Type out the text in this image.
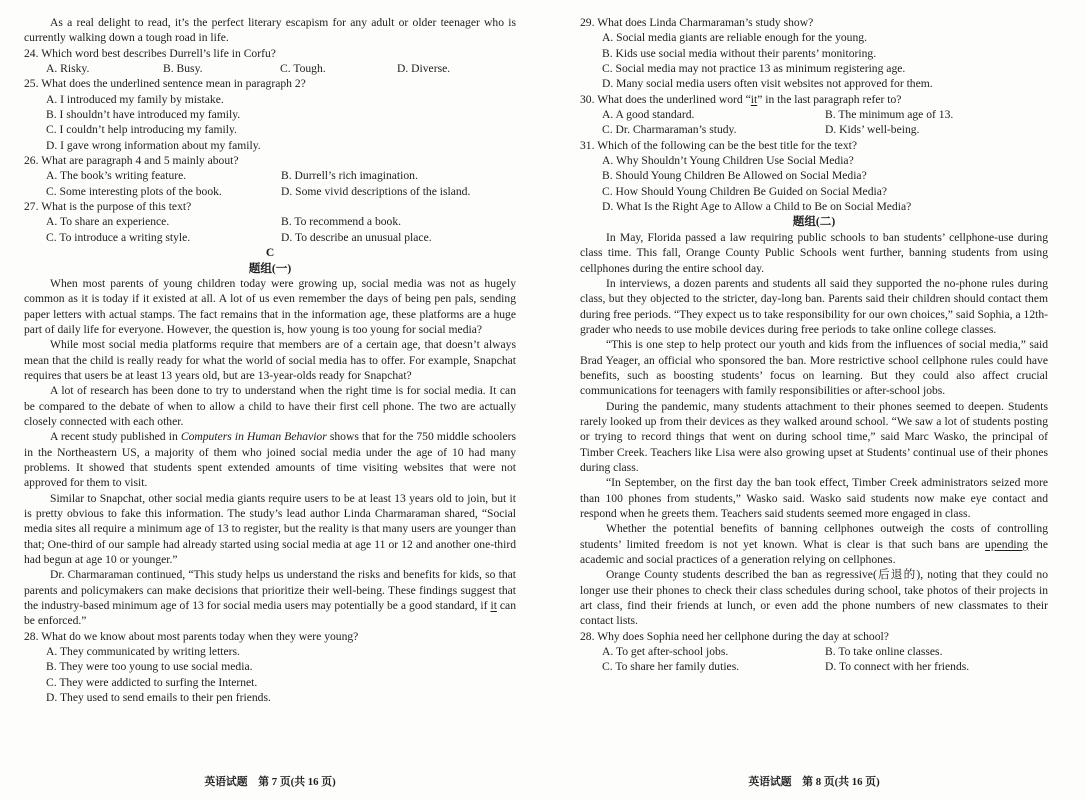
As a real delight to read, it’s the perfect literary escapism for any adult or older teenager who is currently walking down a tough road in life.
24. Which word best describes Durrell’s life in Corfu?
A. Risky.	B. Busy.	C. Tough.	D. Diverse.
25. What does the underlined sentence mean in paragraph 2?
A. I introduced my family by mistake.
B. I shouldn’t have introduced my family.
C. I couldn’t help introducing my family.
D. I gave wrong information about my family.
26. What are paragraph 4 and 5 mainly about?
A. The book’s writing feature.	B. Durrell’s rich imagination.
C. Some interesting plots of the book.	D. Some vivid descriptions of the island.
27. What is the purpose of this text?
A. To share an experience.	B. To recommend a book.
C. To introduce a writing style.	D. To describe an unusual place.
C
题组(一)
When most parents of young children today were growing up, social media was not as hugely common as it is today if it existed at all. A lot of us even remember the days of being pen pals, sending paper letters with actual stamps. The fact remains that in the information age, these platforms are a huge part of daily life for everyone. However, the question is, how young is too young for social media?
While most social media platforms require that members are of a certain age, that doesn’t always mean that the child is really ready for what the world of social media has to offer. For example, Snapchat requires that users be at least 13 years old, but are 13-year-olds ready for Snapchat?
A lot of research has been done to try to understand when the right time is for social media. It can be compared to the debate of when to allow a child to have their first cell phone. The two are actually closely connected with each other.
A recent study published in Computers in Human Behavior shows that for the 750 middle schoolers in the Northeastern US, a majority of them who joined social media under the age of 10 had many problems. It showed that students spent extended amounts of time visiting websites that were not approved for them to visit.
Similar to Snapchat, other social media giants require users to be at least 13 years old to join, but it is pretty obvious to fake this information. The study’s lead author Linda Charmaraman shared, “Social media sites all require a minimum age of 13 to register, but the reality is that many users are younger than that; One-third of our sample had already started using social media at age 11 or 12 and another one-third had begun at age 10 or younger.”
Dr. Charmaraman continued, “This study helps us understand the risks and benefits for kids, so that parents and policymakers can make decisions that prioritize their well-being. These findings suggest that the industry-based minimum age of 13 for social media users may potentially be a good standard, if it can be enforced.”
28. What do we know about most parents today when they were young?
A. They communicated by writing letters.
B. They were too young to use social media.
C. They were addicted to surfing the Internet.
D. They used to send emails to their pen friends.
29. What does Linda Charmaraman’s study show?
A. Social media giants are reliable enough for the young.
B. Kids use social media without their parents’ monitoring.
C. Social media may not practice 13 as minimum registering age.
D. Many social media users often visit websites not approved for them.
30. What does the underlined word “it” in the last paragraph refer to?
A. A good standard.	B. The minimum age of 13.
C. Dr. Charmaraman’s study.	D. Kids’ well-being.
31. Which of the following can be the best title for the text?
A. Why Shouldn’t Young Children Use Social Media?
B. Should Young Children Be Allowed on Social Media?
C. How Should Young Children Be Guided on Social Media?
D. What Is the Right Age to Allow a Child to Be on Social Media?
题组(二)
In May, Florida passed a law requiring public schools to ban students’ cellphone-use during class time. This fall, Orange County Public Schools went further, banning students from using cellphones during the entire school day.
In interviews, a dozen parents and students all said they supported the no-phone rules during class, but they objected to the stricter, day-long ban. Parents said their children should contact them during free periods. “They expect us to take responsibility for our own choices,” said Sophia, a 12th-grader who needs to use mobile devices during free periods to take online college classes.
“This is one step to help protect our youth and kids from the influences of social media,” said Brad Yeager, an official who sponsored the ban. More restrictive school cellphone rules could have benefits, such as boosting students’ focus on learning. But they could also affect crucial communications for teenagers with family responsibilities or after-school jobs.
During the pandemic, many students attachment to their phones seemed to deepen. Students rarely looked up from their devices as they walked around school. “We saw a lot of students posting or trying to record things that went on during school time,” said Marc Wasko, the principal of Timber Creek. Teachers like Lisa were also growing upset at Students’ continual use of their phones during class.
“In September, on the first day the ban took effect, Timber Creek administrators seized more than 100 phones from students,” Wasko said. Wasko said students now make eye contact and respond when he greets them. Teachers said students seemed more engaged in class.
Whether the potential benefits of banning cellphones outweigh the costs of controlling students’ limited freedom is not yet known. What is clear is that such bans are upending the academic and social practices of a generation relying on cellphones.
Orange County students described the ban as regressive(后退的), noting that they could no longer use their phones to check their class schedules during school, take photos of their projects in art class, find their friends at lunch, or even add the phone numbers of new classmates to their contact lists.
28. Why does Sophia need her cellphone during the day at school?
A. To get after-school jobs.	B. To take online classes.
C. To share her family duties.	D. To connect with her friends.
英语试题　第 7 页(共 16 页)	英语试题　第 8 页(共 16 页)
